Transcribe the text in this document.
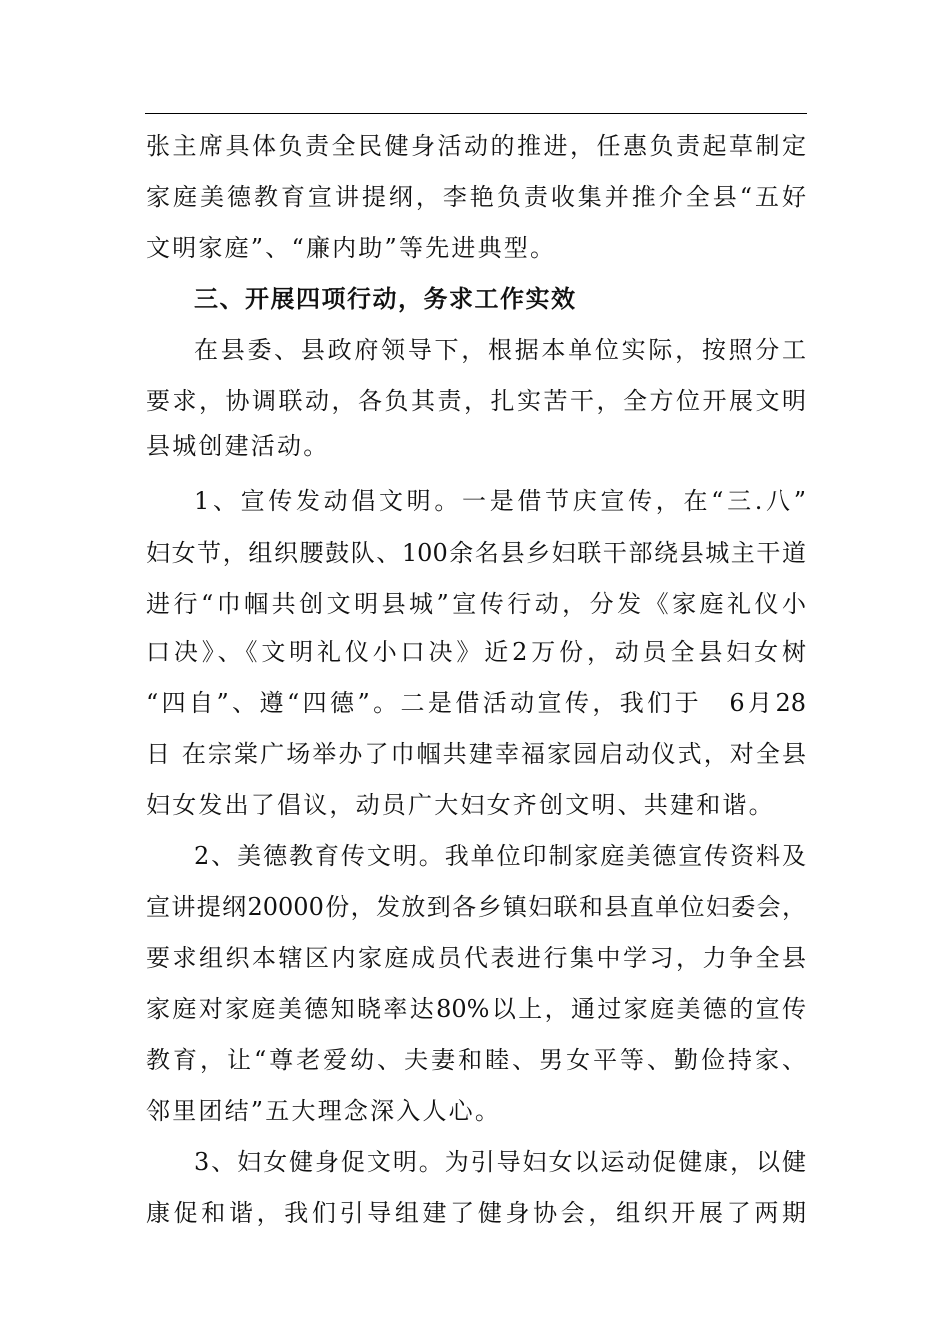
张主席具体负责全民健身活动的推进，任惠负责起草制定
家庭美德教育宣讲提纲，李艳负责收集并推介全县“五好
文明家庭”、“廉内助”等先进典型。
三、开展四项行动，务求工作实效
在县委、县政府领导下，根据本单位实际，按照分工
要求，协调联动，各负其责，扎实苦干，全方位开展文明
县城创建活动。
1、宣传发动倡文明。一是借节庆宣传，在“三.八”
妇女节，组织腰鼓队、100余名县乡妇联干部绕县城主干道
进行“巾帼共创文明县城”宣传行动，分发《家庭礼仪小
口决》、《文明礼仪小口决》近2万份，动员全县妇女树
“四自”、遵“四德”。二是借活动宣传，我们于　6月28
日 在宗棠广场举办了巾帼共建幸福家园启动仪式，对全县
妇女发出了倡议，动员广大妇女齐创文明、共建和谐。
2、美德教育传文明。我单位印制家庭美德宣传资料及
宣讲提纲20000份，发放到各乡镇妇联和县直单位妇委会，
要求组织本辖区内家庭成员代表进行集中学习，力争全县
家庭对家庭美德知晓率达80%以上，通过家庭美德的宣传
教育，让“尊老爱幼、夫妻和睦、男女平等、勤俭持家、
邻里团结”五大理念深入人心。
3、妇女健身促文明。为引导妇女以运动促健康，以健
康促和谐，我们引导组建了健身协会，组织开展了两期
